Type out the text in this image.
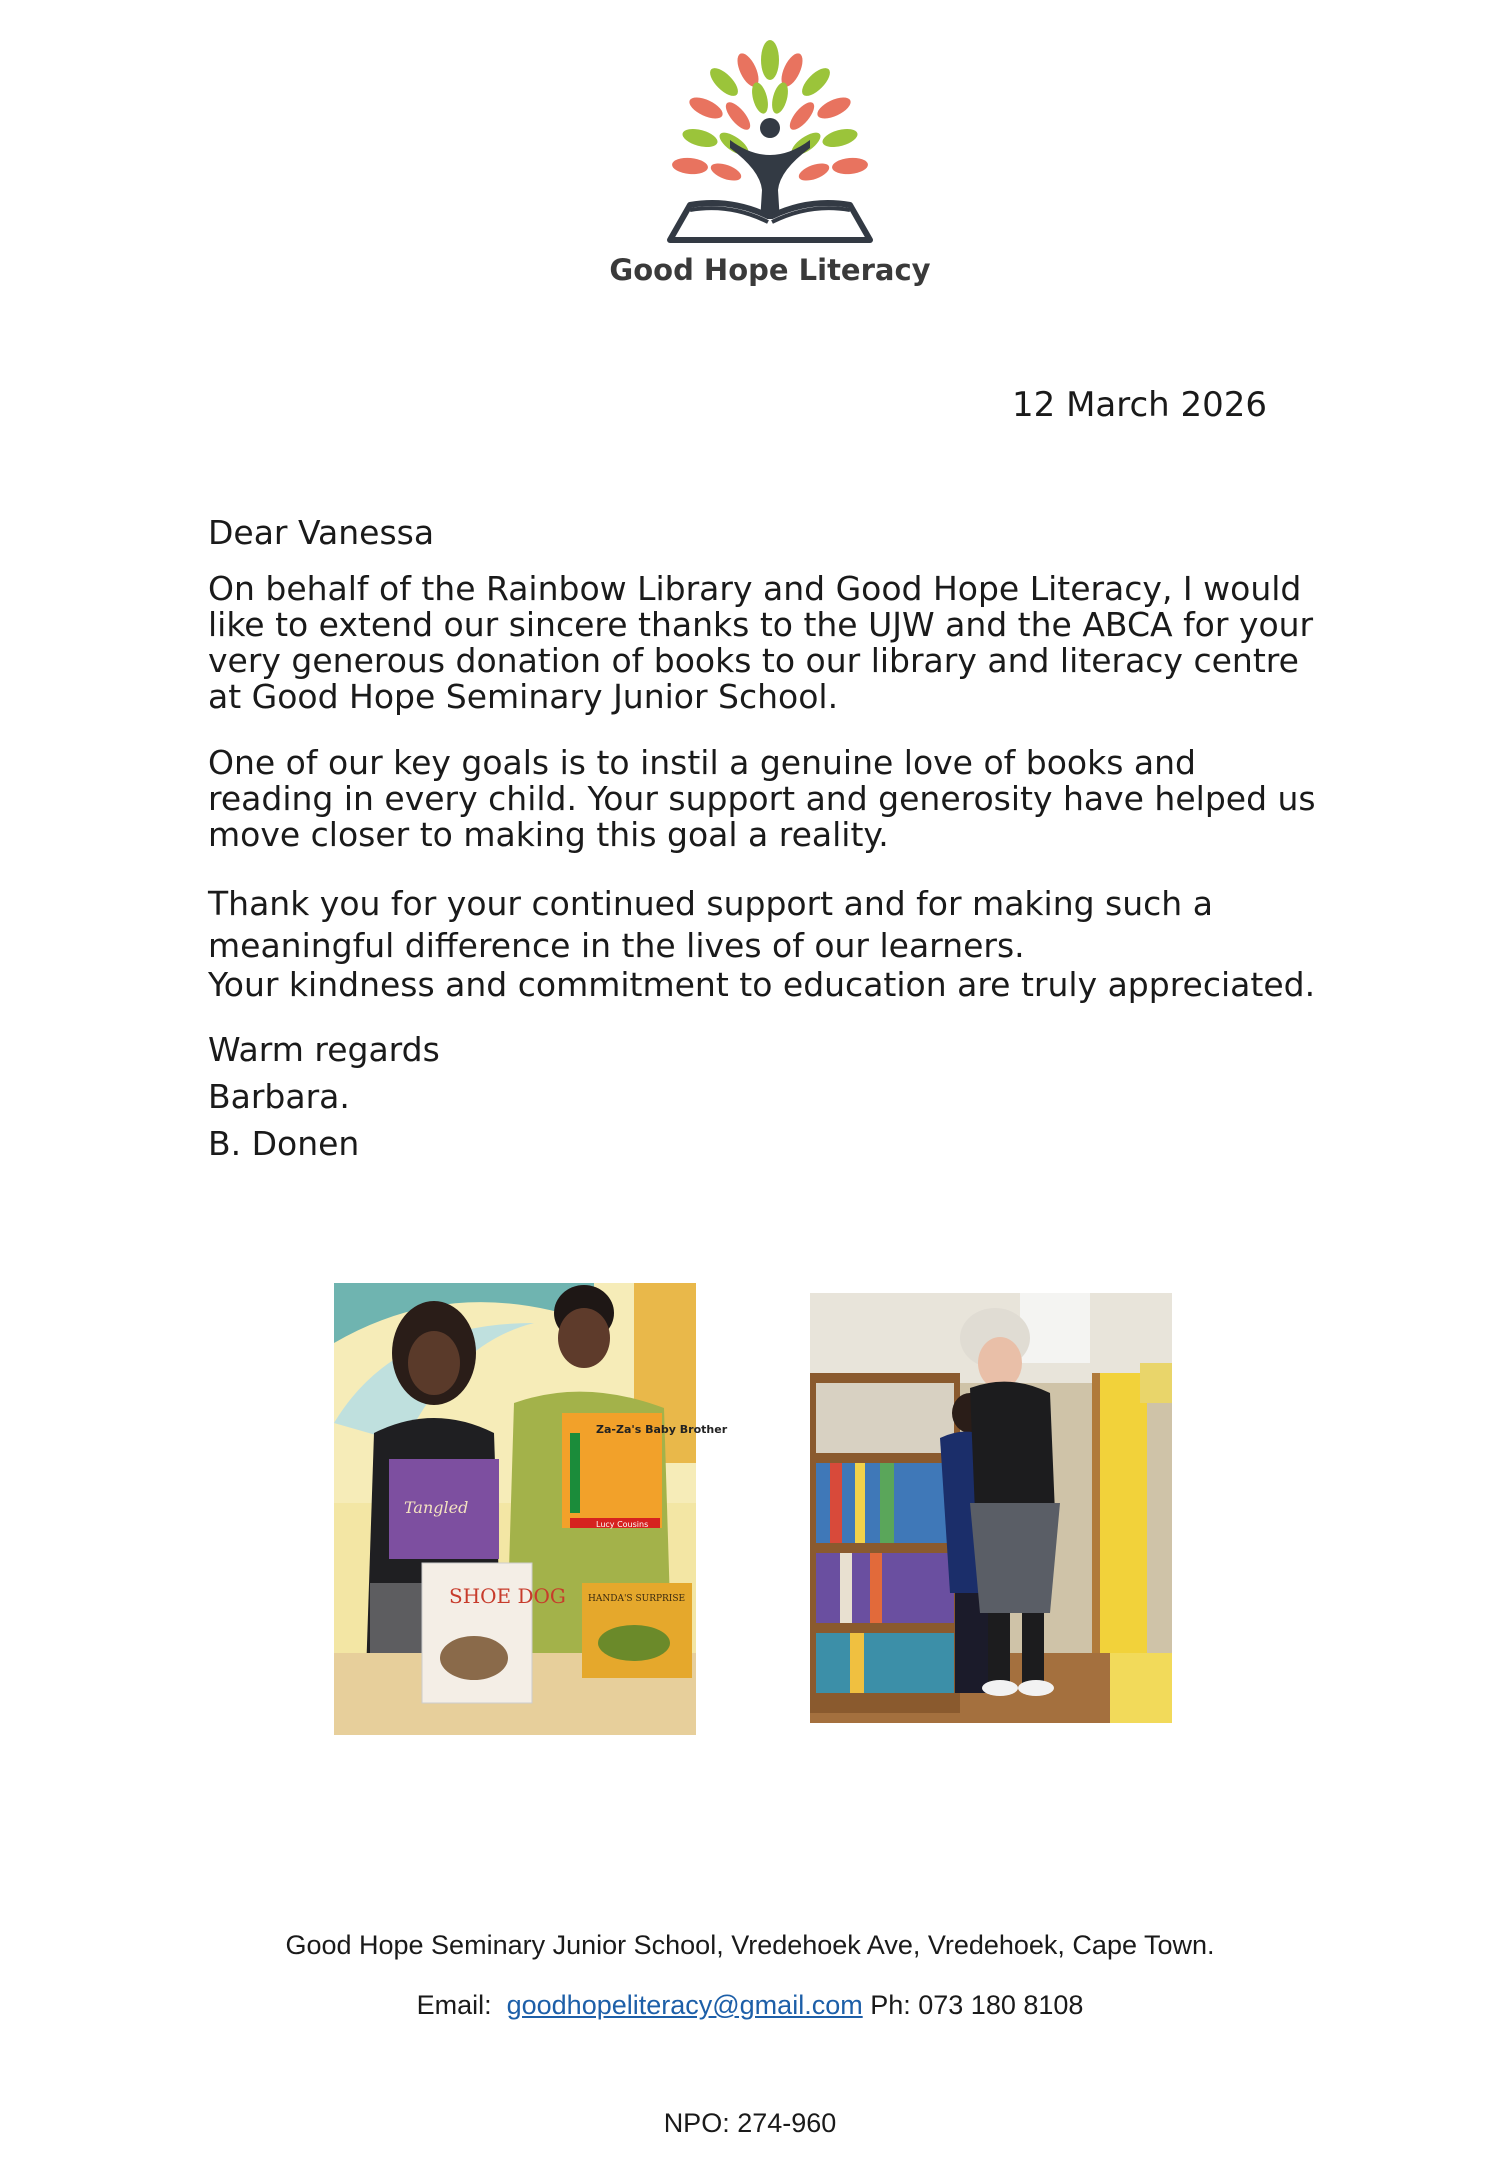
Good Hope Literacy
12 March 2026

Dear Vanessa

On behalf of the Rainbow Library and Good Hope Literacy, I would like to extend our sincere thanks to the UJW and the ABCA for your very generous donation of books to our library and literacy centre at Good Hope Seminary Junior School.

One of our key goals is to instil a genuine love of books and reading in every child. Your support and generosity have helped us move closer to making this goal a reality.

Thank you for your continued support and for making such a meaningful difference in the lives of our learners.
Your kindness and commitment to education are truly appreciated.
Warm regards
Barbara.
B. Donen
Tangled
Za-Za's Baby Brother
Lucy Cousins
SHOE DOG HANDA'S SURPRISE
Good Hope Seminary Junior School, Vredehoek Ave, Vredehoek, Cape Town.
Email: goodhopeliteracy@gmail.com Ph: 073 180 8108
NPO: 274-960
